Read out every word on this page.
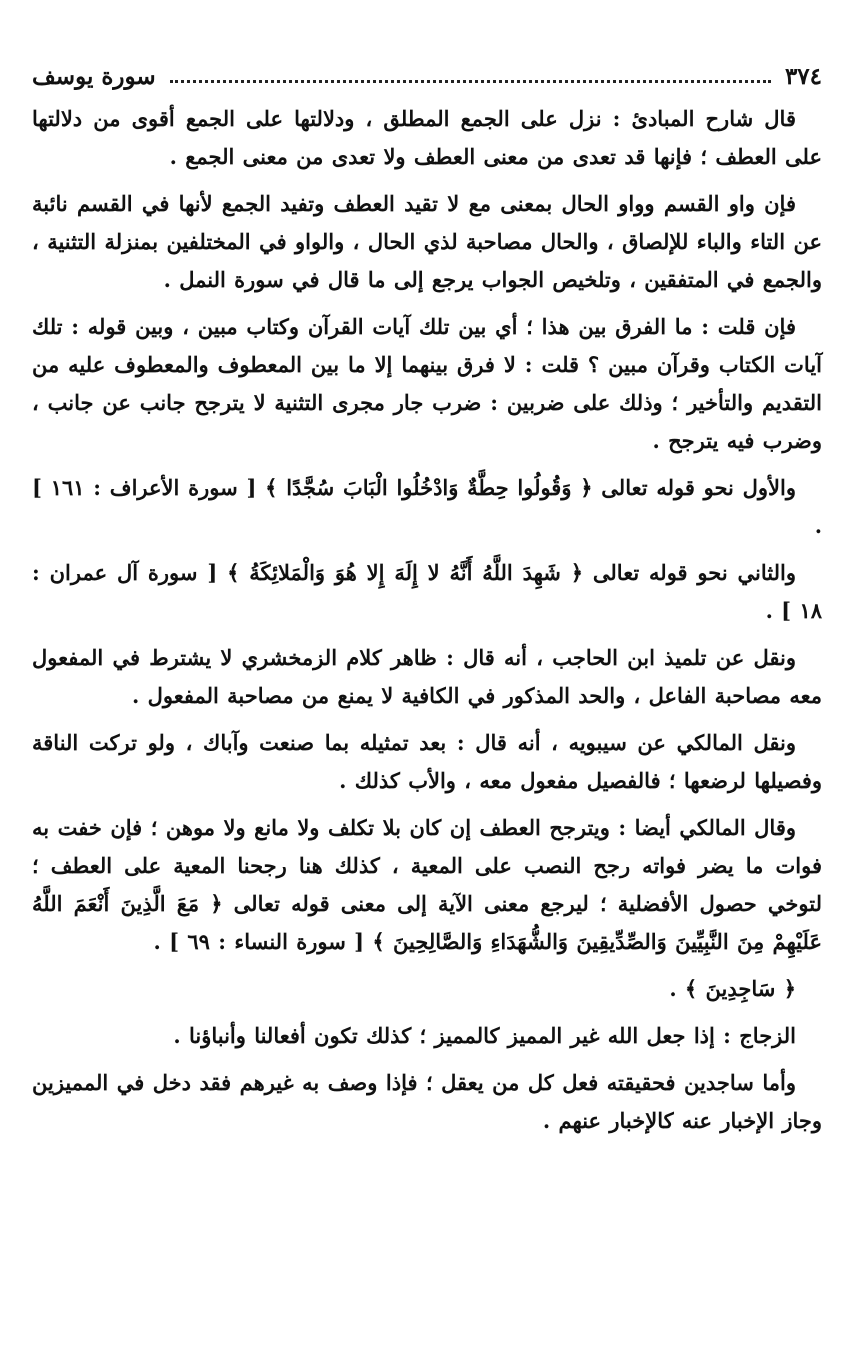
٣٧٤
سورة يوسف

قال شارح المبادئ : نزل على الجمع المطلق ، ودلالتها على الجمع أقوى من دلالتها على العطف ؛ فإنها قد تعدى من معنى العطف ولا تعدى من معنى الجمع .

فإن واو القسم وواو الحال بمعنى مع لا تقيد العطف وتفيد الجمع لأنها في القسم نائبة عن التاء والباء للإلصاق ، والحال مصاحبة لذي الحال ، والواو في المختلفين بمنزلة التثنية ، والجمع في المتفقين ، وتلخيص الجواب يرجع إلى ما قال في سورة النمل .

فإن قلت : ما الفرق بين هذا ؛ أي بين تلك آيات القرآن وكتاب مبين ، وبين قوله : تلك آيات الكتاب وقرآن مبين ؟ قلت : لا فرق بينهما إلا ما بين المعطوف والمعطوف عليه من التقديم والتأخير ؛ وذلك على ضربين : ضرب جار مجرى التثنية لا يترجح جانب عن جانب ، وضرب فيه يترجح .

والأول نحو قوله تعالى ﴿ وَقُولُوا حِطَّةٌ وَادْخُلُوا الْبَابَ سُجَّدًا ﴾ [ سورة الأعراف : ١٦١ ] .

والثاني نحو قوله تعالى ﴿ شَهِدَ اللَّهُ أَنَّهُ لا إِلَهَ إِلا هُوَ وَالْمَلائِكَةُ ﴾ [ سورة آل عمران : ١٨ ] .

ونقل عن تلميذ ابن الحاجب ، أنه قال : ظاهر كلام الزمخشري لا يشترط في المفعول معه مصاحبة الفاعل ، والحد المذكور في الكافية لا يمنع من مصاحبة المفعول .

ونقل المالكي عن سيبويه ، أنه قال : بعد تمثيله بما صنعت وآباك ، ولو تركت الناقة وفصيلها لرضعها ؛ فالفصيل مفعول معه ، والأب كذلك .

وقال المالكي أيضا : ويترجح العطف إن كان بلا تكلف ولا مانع ولا موهن ؛ فإن خفت به فوات ما يضر فواته رجح النصب على المعية ، كذلك هنا رجحنا المعية على العطف ؛ لتوخي حصول الأفضلية ؛ ليرجع معنى الآية إلى معنى قوله تعالى ﴿ مَعَ الَّذِينَ أَنْعَمَ اللَّهُ عَلَيْهِمْ مِنَ النَّبِيِّينَ وَالصِّدِّيقِينَ وَالشُّهَدَاءِ وَالصَّالِحِينَ ﴾ [ سورة النساء : ٦٩ ] .

﴿ سَاجِدِينَ ﴾ .

الزجاج : إذا جعل الله غير المميز كالمميز ؛ كذلك تكون أفعالنا وأنباؤنا .

وأما ساجدين فحقيقته فعل كل من يعقل ؛ فإذا وصف به غيرهم فقد دخل في المميزين وجاز الإخبار عنه كالإخبار عنهم .
